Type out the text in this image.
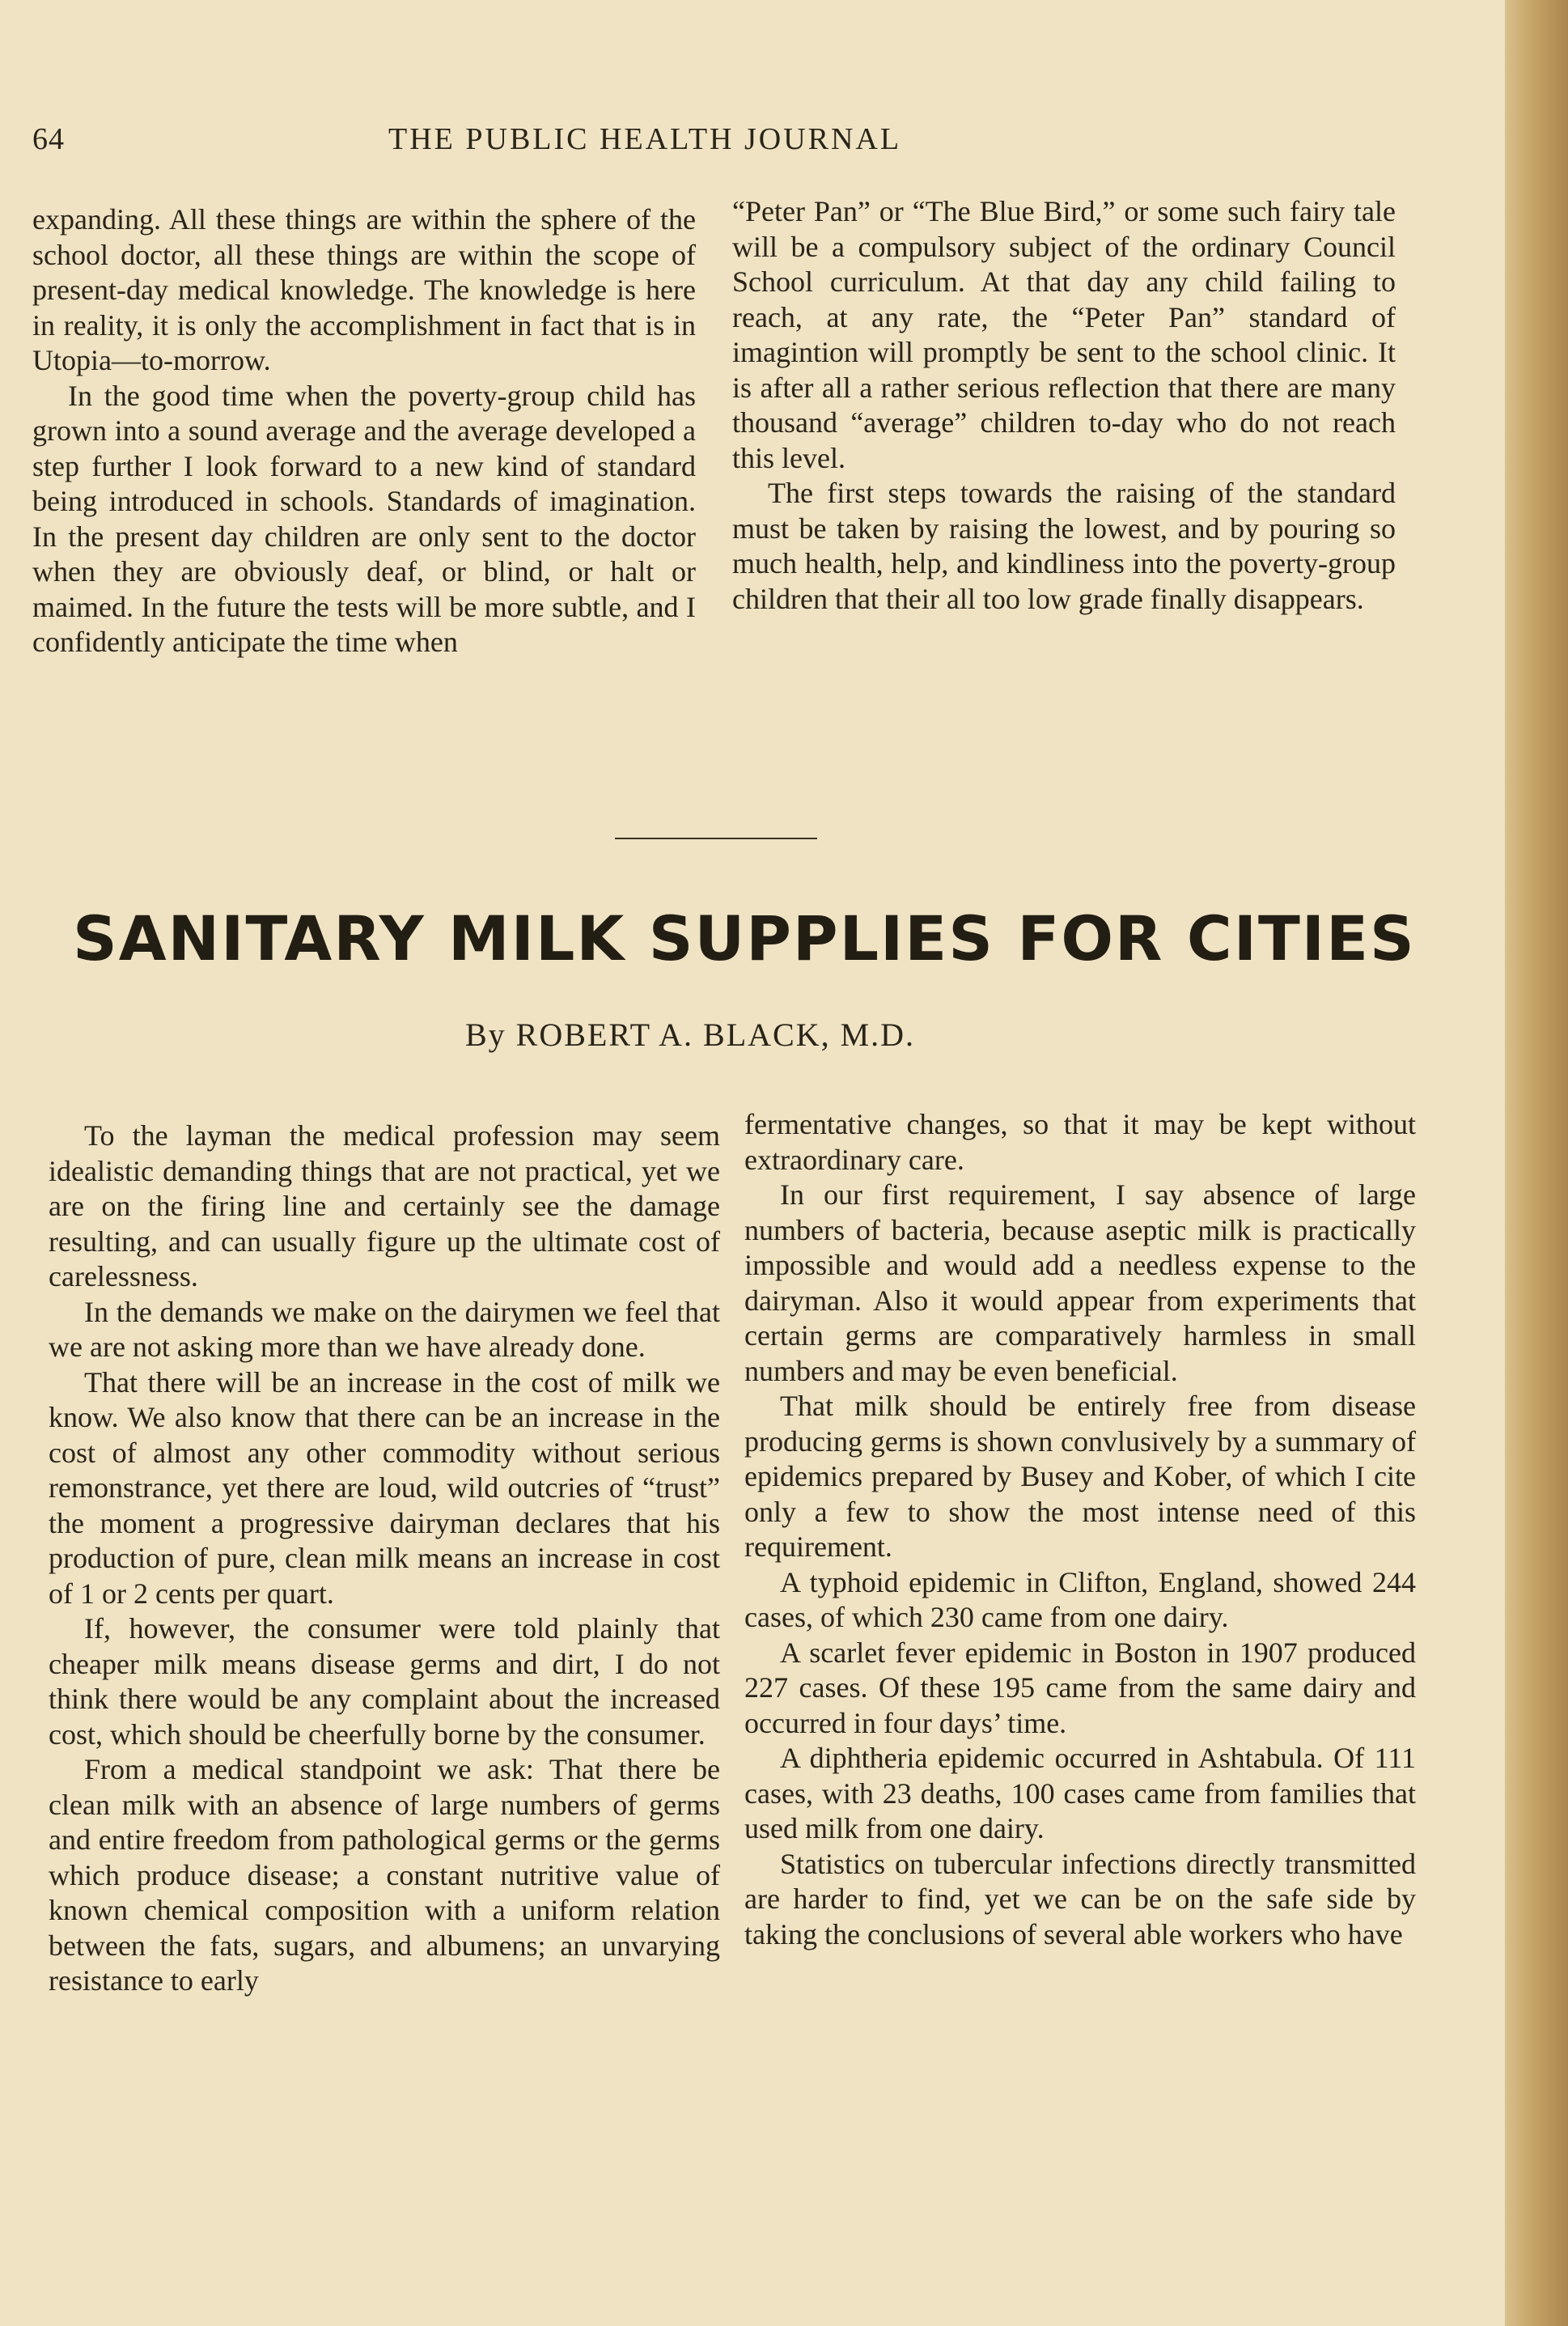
64	THE PUBLIC HEALTH JOURNAL

expanding. All these things are within the sphere of the school doctor, all these things are within the scope of present-day medical knowledge. The knowledge is here in reality, it is only the accomplishment in fact that is in Utopia—to-morrow.

In the good time when the poverty-group child has grown into a sound average and the average developed a step further I look forward to a new kind of standard being introduced in schools. Standards of imagination. In the present day children are only sent to the doctor when they are obviously deaf, or blind, or halt or maimed. In the future the tests will be more subtle, and I confidently anticipate the time when

“Peter Pan” or “The Blue Bird,” or some such fairy tale will be a compulsory subject of the ordinary Council School curriculum. At that day any child failing to reach, at any rate, the “Peter Pan” standard of imagintion will promptly be sent to the school clinic. It is after all a rather serious reflection that there are many thousand “average” children to-day who do not reach this level.

The first steps towards the raising of the standard must be taken by raising the lowest, and by pouring so much health, help, and kindliness into the poverty-group children that their all too low grade finally disappears.

SANITARY MILK SUPPLIES FOR CITIES
By ROBERT A. BLACK, M.D.

To the layman the medical profession may seem idealistic demanding things that are not practical, yet we are on the firing line and certainly see the damage resulting, and can usually figure up the ultimate cost of carelessness.

In the demands we make on the dairymen we feel that we are not asking more than we have already done.

That there will be an increase in the cost of milk we know. We also know that there can be an increase in the cost of almost any other commodity without serious remonstrance, yet there are loud, wild outcries of “trust” the moment a progressive dairyman declares that his production of pure, clean milk means an increase in cost of 1 or 2 cents per quart.

If, however, the consumer were told plainly that cheaper milk means disease germs and dirt, I do not think there would be any complaint about the increased cost, which should be cheerfully borne by the consumer.

From a medical standpoint we ask: That there be clean milk with an absence of large numbers of germs and entire freedom from pathological germs or the germs which produce disease; a constant nutritive value of known chemical composition with a uniform relation between the fats, sugars, and albumens; an unvarying resistance to early

fermentative changes, so that it may be kept without extraordinary care.

In our first requirement, I say absence of large numbers of bacteria, because aseptic milk is practically impossible and would add a needless expense to the dairyman. Also it would appear from experiments that certain germs are comparatively harmless in small numbers and may be even beneficial.

That milk should be entirely free from disease producing germs is shown convlusively by a summary of epidemics prepared by Busey and Kober, of which I cite only a few to show the most intense need of this requirement.

A typhoid epidemic in Clifton, England, showed 244 cases, of which 230 came from one dairy.

A scarlet fever epidemic in Boston in 1907 produced 227 cases. Of these 195 came from the same dairy and occurred in four days’ time.

A diphtheria epidemic occurred in Ashtabula. Of 111 cases, with 23 deaths, 100 cases came from families that used milk from one dairy.

Statistics on tubercular infections directly transmitted are harder to find, yet we can be on the safe side by taking the conclusions of several able workers who have
